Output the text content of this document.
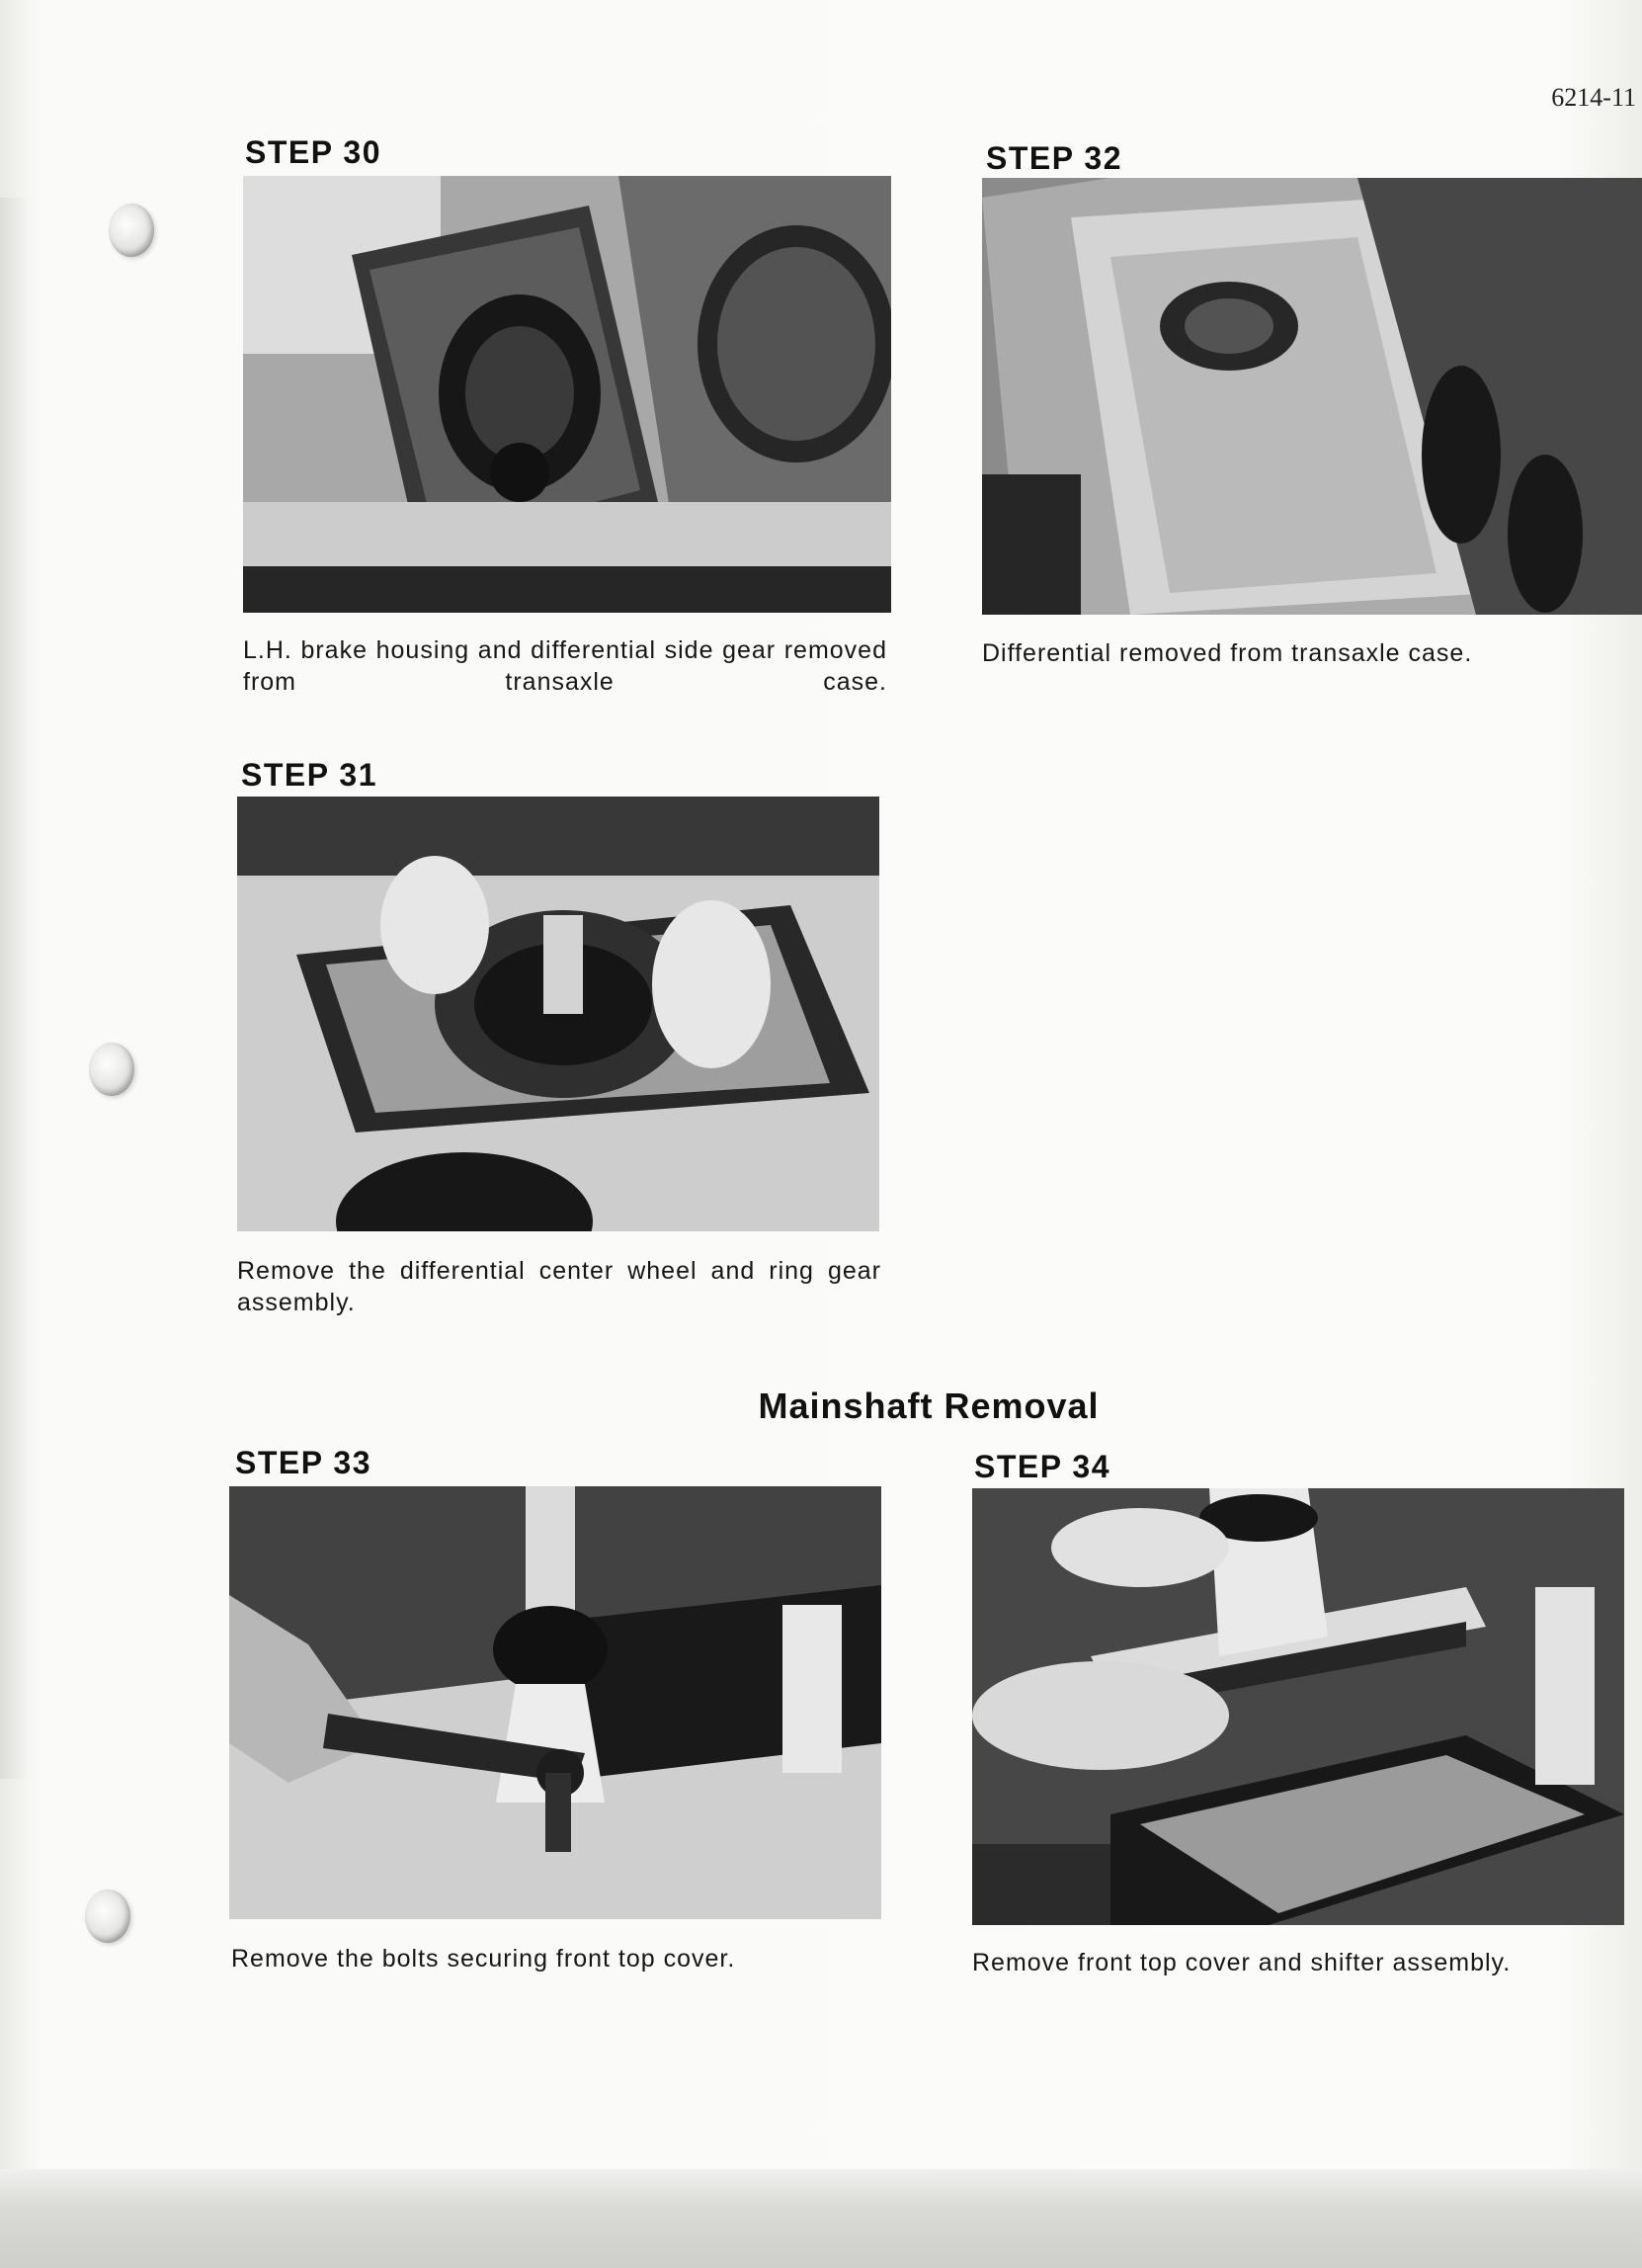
6214-11
STEP 30
L.H. brake housing and differential side gear removed from transaxle case.
STEP 32
Differential removed from transaxle case.
STEP 31
Remove the differential center wheel and ring gear assembly.
Mainshaft Removal
STEP 33
Remove the bolts securing front top cover.
STEP 34
Remove front top cover and shifter assembly.
